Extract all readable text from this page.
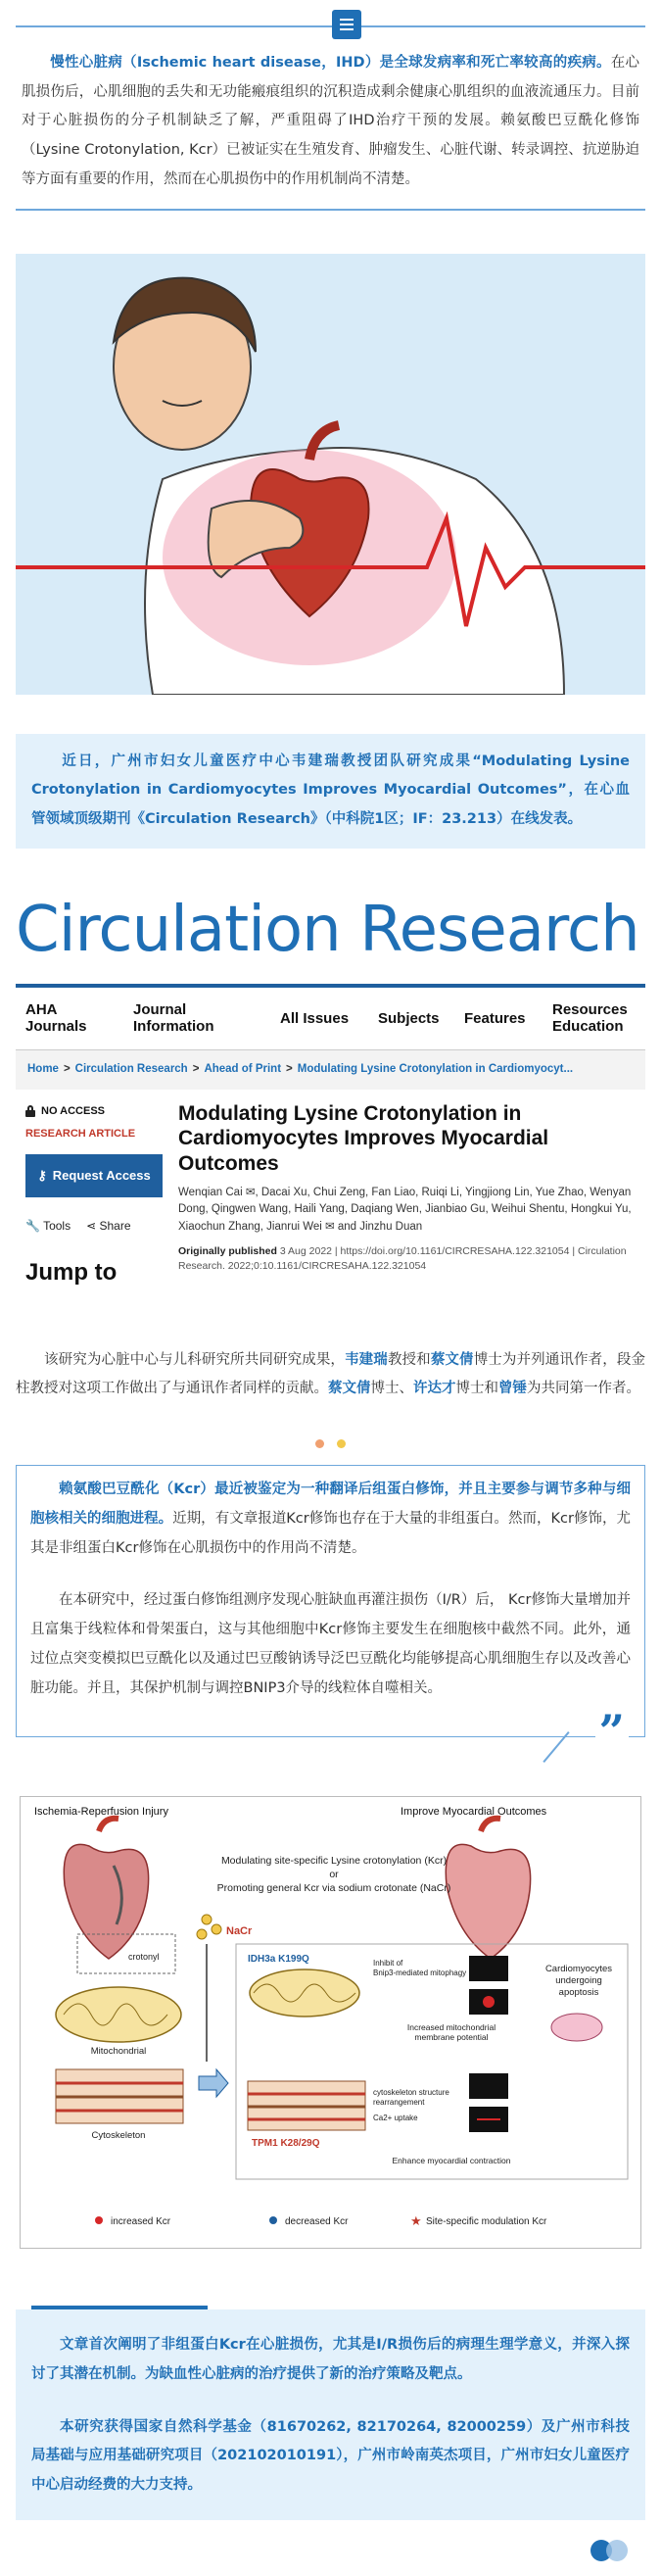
慢性心脏病（Ischemic heart disease，IHD）是全球发病率和死亡率较高的疾病。在心肌损伤后，心肌细胞的丢失和无功能瘢痕组织的沉积造成剩余健康心肌组织的血液流通压力。目前对于心脏损伤的分子机制缺乏了解，严重阻碍了IHD治疗干预的发展。赖氨酸巴豆酰化修饰（Lysine Crotonylation, Kcr）已被证实在生殖发育、肿瘤发生、心脏代谢、转录调控、抗逆胁迫等方面有重要的作用，然而在心肌损伤中的作用机制尚不清楚。
近日，广州市妇女儿童医疗中心韦建瑞教授团队研究成果“Modulating Lysine Crotonylation in Cardiomyocytes Improves Myocardial Outcomes”，在心血管领域顶级期刊《Circulation Research》（中科院1区；IF：23.213）在线发表。
Circulation Research
AHA
Journals
Journal
Information
All Issues	Subjects	Features
Resources
Education
Home > Circulation Research > Ahead of Print > Modulating Lysine Crotonylation in Cardiomyocyt...
NO ACCESS
RESEARCH ARTICLE
⚷ Request Access
🔧 Tools ⋖ Share
Jump to
Modulating Lysine Crotonylation in Cardiomyocytes Improves Myocardial Outcomes
Wenqian Cai ✉, Dacai Xu, Chui Zeng, Fan Liao, Ruiqi Li, Yingjiong Lin, Yue Zhao, Wenyan Dong, Qingwen Wang, Haili Yang, Daqiang Wen, Jianbiao Gu, Weihui Shentu, Hongkui Yu, Xiaochun Zhang, Jianrui Wei ✉ and Jinzhu Duan
Originally published 3 Aug 2022 | https://doi.org/10.1161/CIRCRESAHA.122.321054 | Circulation Research. 2022;0:10.1161/CIRCRESAHA.122.321054
该研究为心脏中心与儿科研究所共同研究成果，韦建瑞教授和蔡文倩博士为并列通讯作者，段金柱教授对这项工作做出了与通讯作者同样的贡献。蔡文倩博士、许达才博士和曾锤为共同第一作者。

赖氨酸巴豆酰化（Kcr）最近被鉴定为一种翻译后组蛋白修饰，并且主要参与调节多种与细胞核相关的细胞进程。近期，有文章报道Kcr修饰也存在于大量的非组蛋白。然而，Kcr修饰，尤其是非组蛋白Kcr修饰在心肌损伤中的作用尚不清楚。

在本研究中，经过蛋白修饰组测序发现心脏缺血再灌注损伤（I/R）后， Kcr修饰大量增加并且富集于线粒体和骨架蛋白，这与其他细胞中Kcr修饰主要发生在细胞核中截然不同。此外，通过位点突变模拟巴豆酰化以及通过巴豆酸钠诱导泛巴豆酰化均能够提高心肌细胞生存以及改善心脏功能。并且，其保护机制与调控BNIP3介导的线粒体自噬相关。

”
Ischemia-Reperfusion Injury	Improve Myocardial Outcomes
Modulating site-specific Lysine crotonylation (Kcr)
or
Promoting general Kcr via sodium crotonate (NaCr)
NaCr
crotonyl
Mitochondrial
Cytoskeleton
IDH3a K199Q	Inhibit of
Bnip3-mediated mitophagy
Increased mitochondrial
membrane potential
Cardiomyocytes
undergoing
apoptosis
TPM1 K28/29Q
cytoskeleton structure
rearrangement
Ca2+ uptake
Enhance myocardial contraction
increased Kcr	decreased Kcr	★ Site-specific modulation Kcr

文章首次阐明了非组蛋白Kcr在心脏损伤，尤其是I/R损伤后的病理生理学意义，并深入探讨了其潜在机制。为缺血性心脏病的治疗提供了新的治疗策略及靶点。

本研究获得国家自然科学基金（81670262, 82170264, 82000259）及广州市科技局基础与应用基础研究项目（202102010191），广州市岭南英杰项目，广州市妇女儿童医疗中心启动经费的大力支持。
